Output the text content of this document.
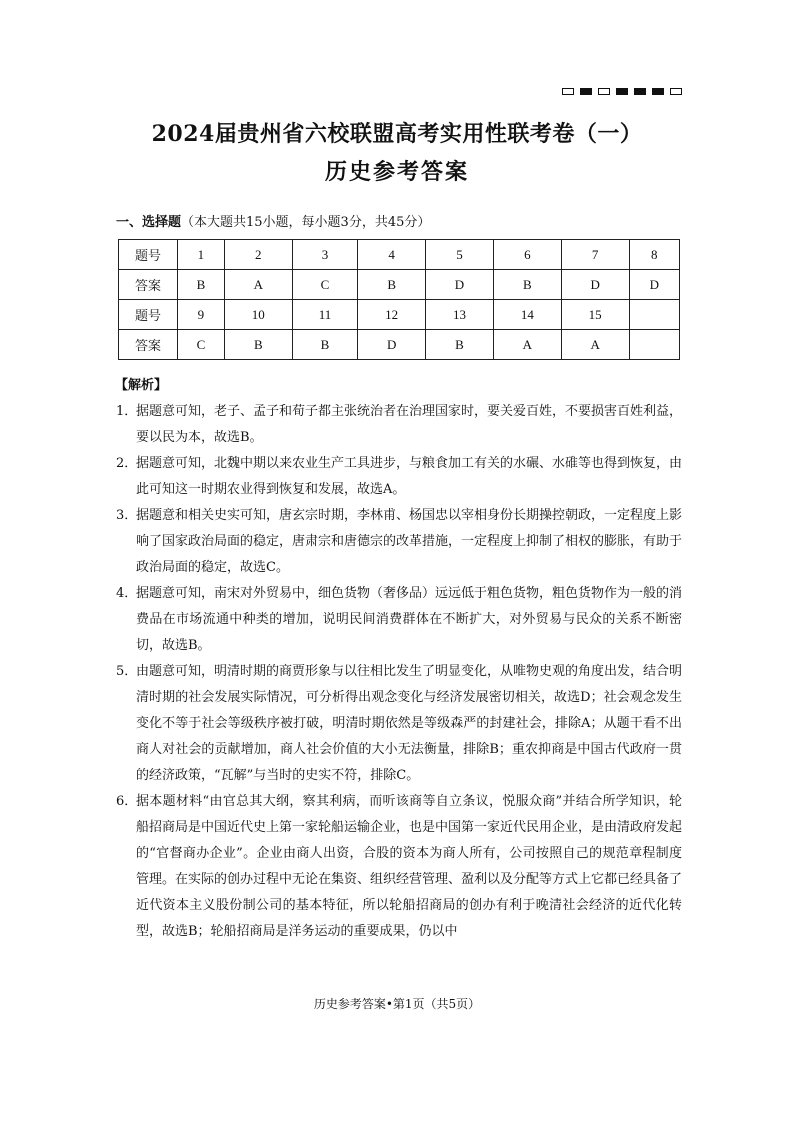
2024届贵州省六校联盟高考实用性联考卷（一）
历史参考答案
一、选择题（本大题共15小题，每小题3分，共45分）
题号	1	2	3	4	5	6	7	8
答案	B	A	C	B	D	B	D	D
题号	9	10	11	12	13	14	15	
答案	C	B	B	D	B	A	A	
【解析】
1．
据题意可知，老子、孟子和荀子都主张统治者在治理国家时，要关爱百姓，不要损害百姓利益，要以民为本，故选B。
2．
据题意可知，北魏中期以来农业生产工具进步，与粮食加工有关的水碾、水碓等也得到恢复，由此可知这一时期农业得到恢复和发展，故选A。
3．
据题意和相关史实可知，唐玄宗时期，李林甫、杨国忠以宰相身份长期操控朝政，一定程度上影响了国家政治局面的稳定，唐肃宗和唐德宗的改革措施，一定程度上抑制了相权的膨胀，有助于政治局面的稳定，故选C。
4．
据题意可知，南宋对外贸易中，细色货物（奢侈品）远远低于粗色货物，粗色货物作为一般的消费品在市场流通中种类的增加，说明民间消费群体在不断扩大，对外贸易与民众的关系不断密切，故选B。
5．
由题意可知，明清时期的商贾形象与以往相比发生了明显变化，从唯物史观的角度出发，结合明清时期的社会发展实际情况，可分析得出观念变化与经济发展密切相关，故选D；社会观念发生变化不等于社会等级秩序被打破，明清时期依然是等级森严的封建社会，排除A；从题干看不出商人对社会的贡献增加，商人社会价值的大小无法衡量，排除B；重农抑商是中国古代政府一贯的经济政策，“瓦解”与当时的史实不符，排除C。
6．
据本题材料“由官总其大纲，察其利病，而听该商等自立条议，悦服众商”并结合所学知识，轮船招商局是中国近代史上第一家轮船运输企业，也是中国第一家近代民用企业，是由清政府发起的“官督商办企业”。企业由商人出资，合股的资本为商人所有，公司按照自己的规范章程制度管理。在实际的创办过程中无论在集资、组织经营管理、盈利以及分配等方式上它都已经具备了近代资本主义股份制公司的基本特征，所以轮船招商局的创办有利于晚清社会经济的近代化转型，故选B；轮船招商局是洋务运动的重要成果，仍以中
历史参考答案•第1页（共5页）
